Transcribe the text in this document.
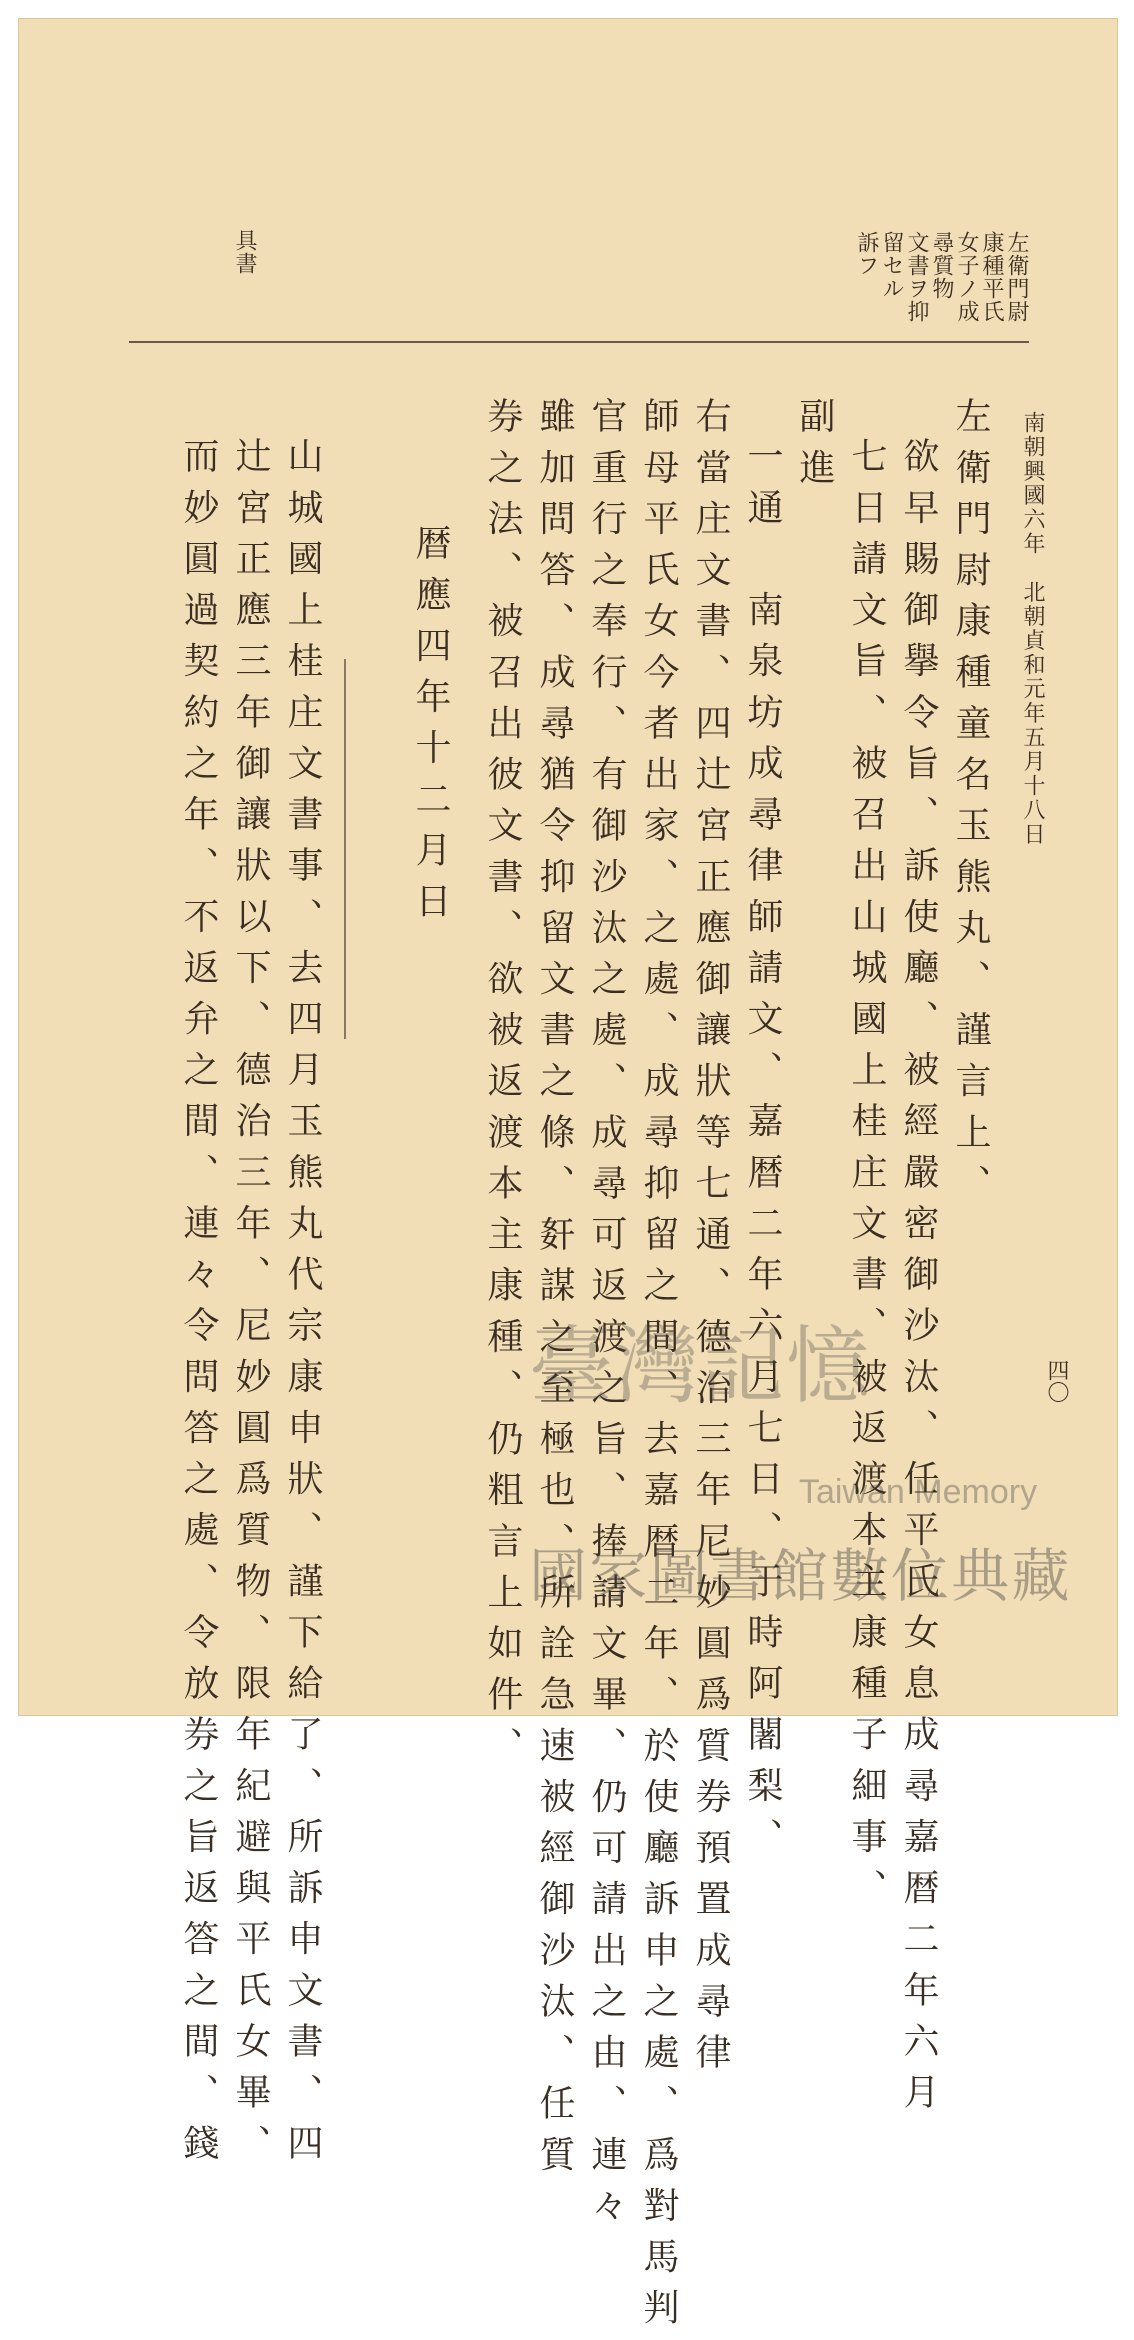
左衛門尉
康種平氏
女子ノ成
尋質物
文書ヲ抑
留セル
訴フ
具書
南朝興國六年　北朝貞和元年五月十八日
左衛門尉康種童名玉熊丸、謹言上、
欲早賜御擧令旨、訴使廳、被經嚴密御沙汰、任平氏女息成尋嘉暦二年六月
七日請文旨、被召出山城國上桂庄文書、被返渡本主康種子細事、
副進
一通　南泉坊成尋律師請文、嘉暦二年六月七日、于時阿闍梨、
右當庄文書、四辻宮正應御讓狀等七通、德治三年尼妙圓爲質券預置成尋律
師母平氏女今者出家、之處、成尋抑留之間、去嘉暦二年、於使廳訴申之處、爲對馬判
官重行之奉行、有御沙汰之處、成尋可返渡之旨、捧請文畢、仍可請出之由、連々
雖加問答、成尋猶令抑留文書之條、姧謀之至極也、所詮急速被經御沙汰、任質
券之法、被召出彼文書、欲被返渡本主康種、仍粗言上如件、
暦應四年十二月日
山城國上桂庄文書事、去四月玉熊丸代宗康申狀、謹下給了、所訴申文書、四
辻宮正應三年御讓狀以下、德治三年、尼妙圓爲質物、限年紀避與平氏女畢、
而妙圓過契約之年、不返弁之間、連々令問答之處、令放券之旨返答之間、錢	四〇
臺灣記憶
Taiwan Memory
國家圖書館數位典藏
